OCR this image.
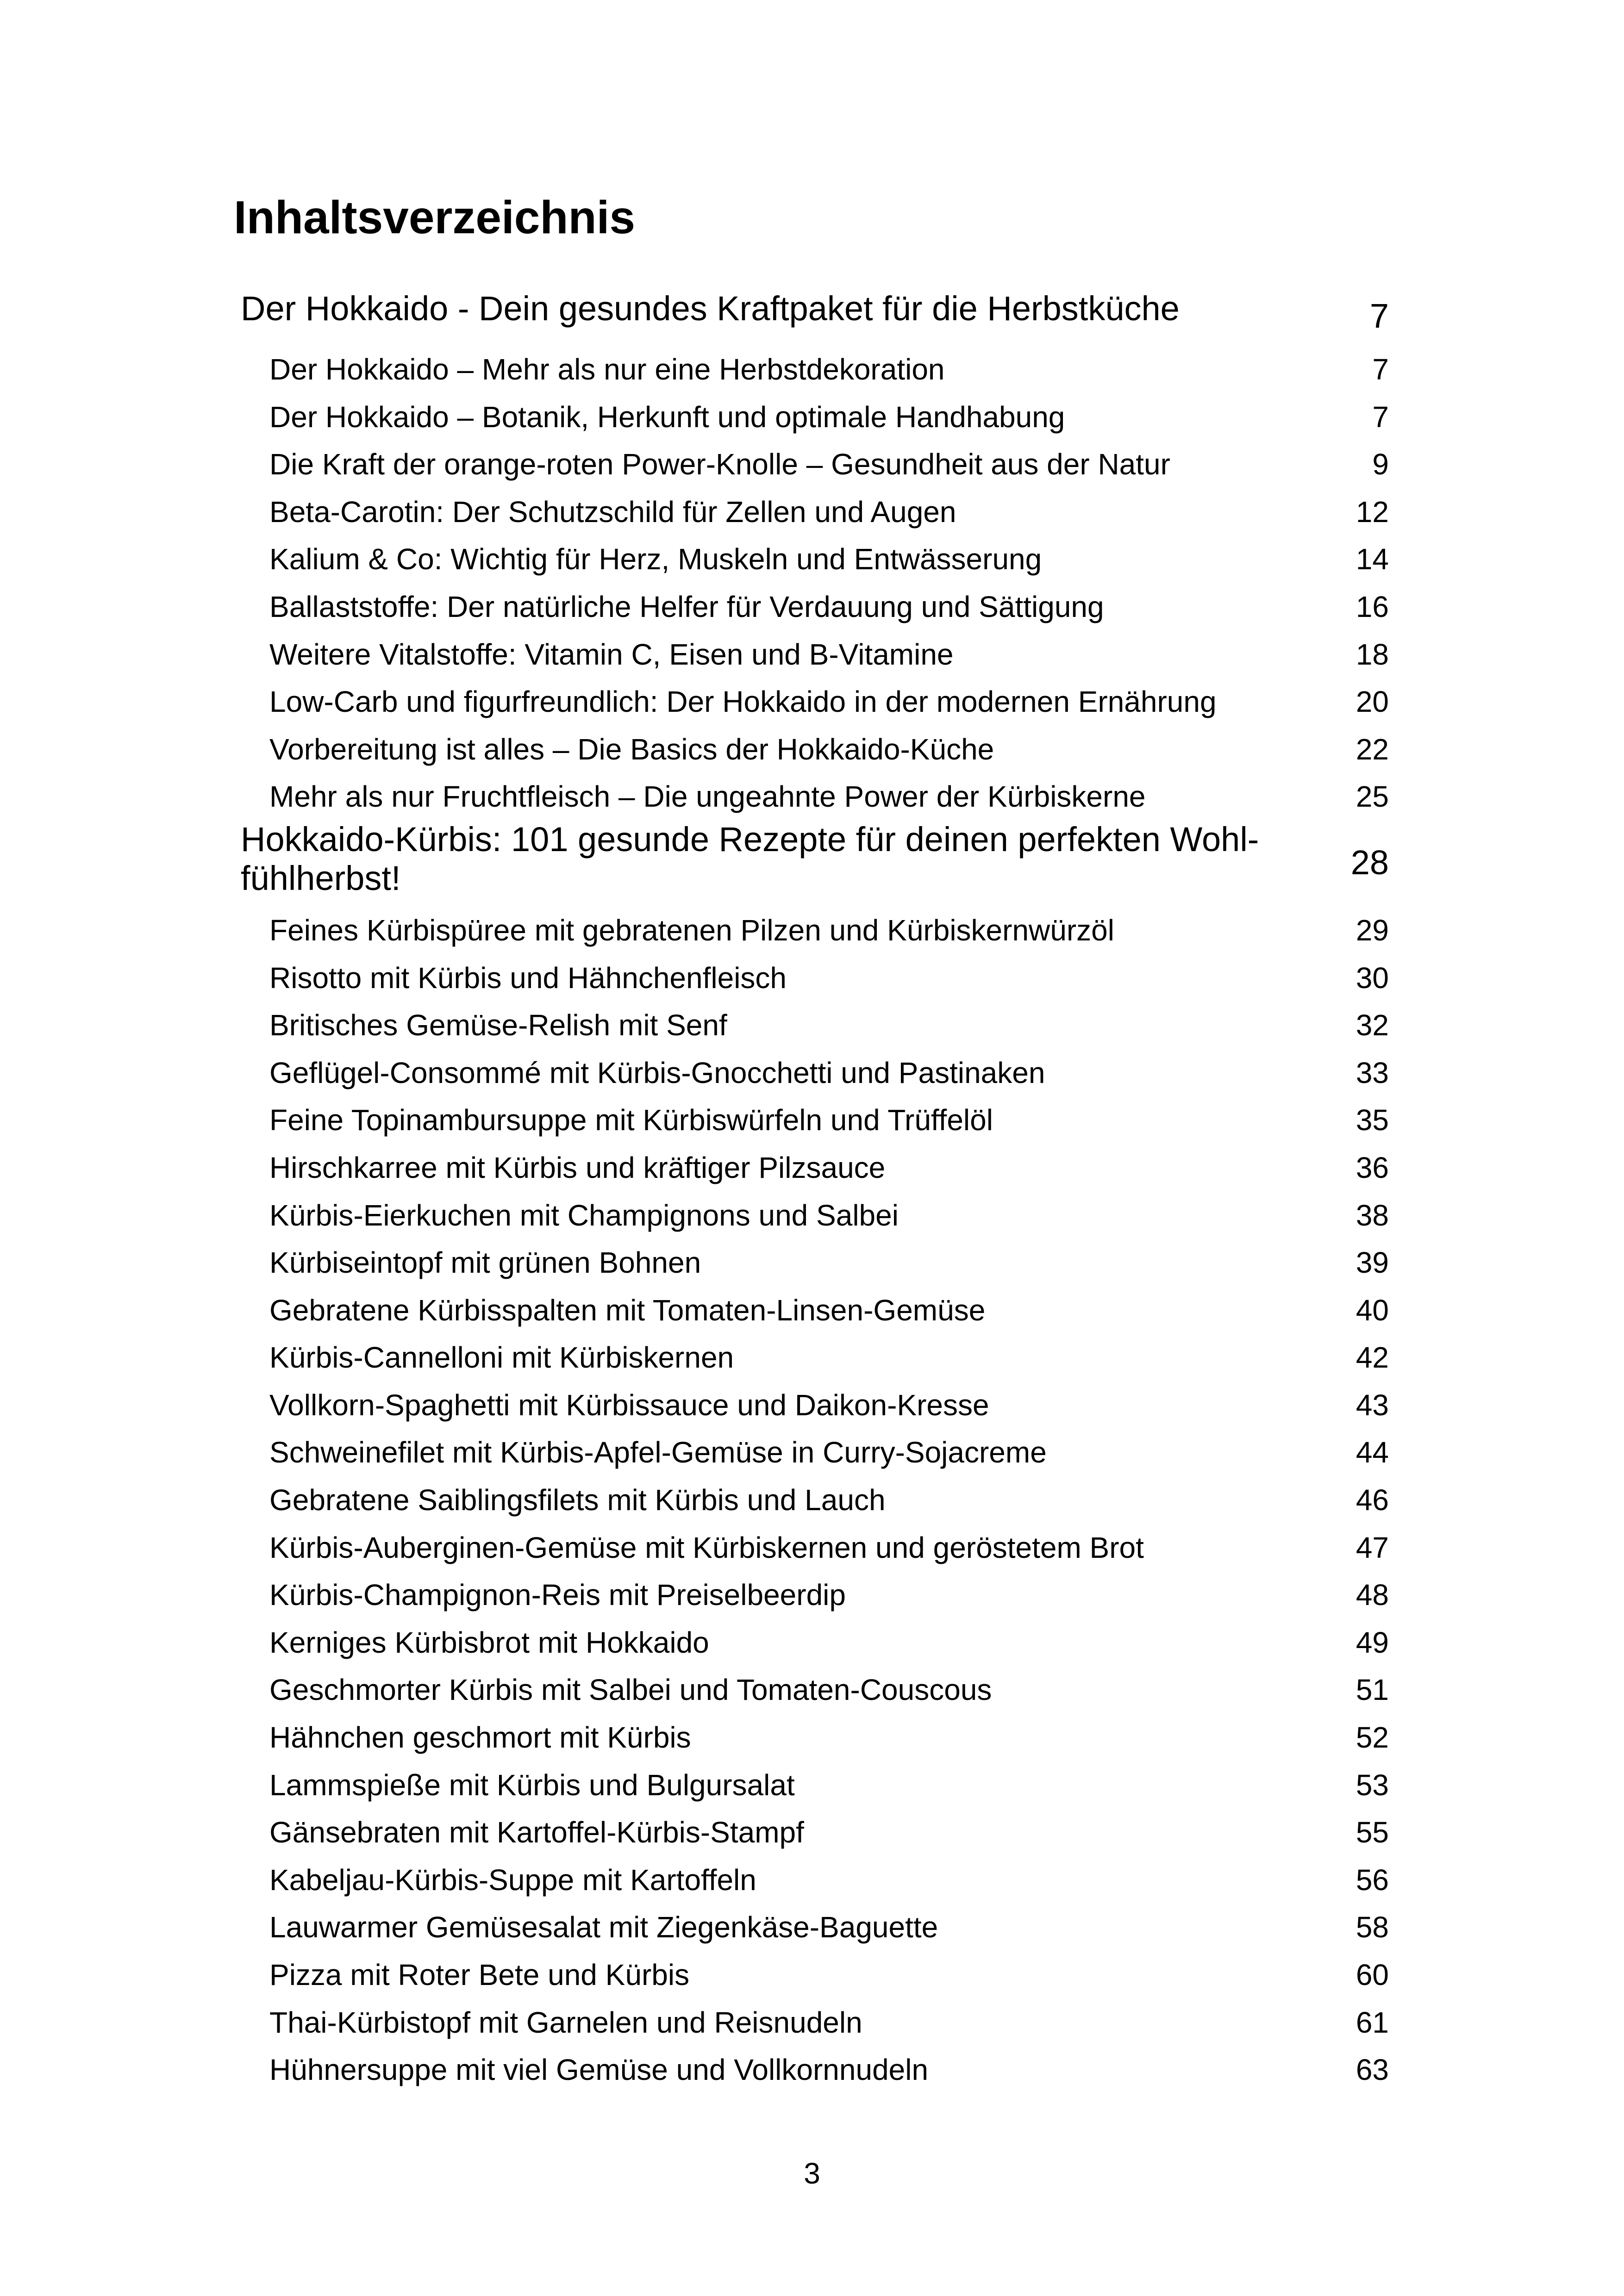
Inhaltsverzeichnis
Der Hokkaido - Dein gesundes Kraftpaket für die Herbstküche	7
Der Hokkaido – Mehr als nur eine Herbstdekoration	7
Der Hokkaido – Botanik, Herkunft und optimale Handhabung	7
Die Kraft der orange-roten Power-Knolle – Gesundheit aus der Natur	9
Beta-Carotin: Der Schutzschild für Zellen und Augen	12
Kalium & Co: Wichtig für Herz, Muskeln und Entwässerung	14
Ballaststoffe: Der natürliche Helfer für Verdauung und Sättigung	16
Weitere Vitalstoffe: Vitamin C, Eisen und B-Vitamine	18
Low-Carb und figurfreundlich: Der Hokkaido in der modernen Ernährung	20
Vorbereitung ist alles – Die Basics der Hokkaido-Küche	22
Mehr als nur Fruchtfleisch – Die ungeahnte Power der Kürbiskerne	25
Hokkaido-Kürbis: 101 gesunde Rezepte für deinen perfekten Wohl-fühlherbst!	28
Feines Kürbispüree mit gebratenen Pilzen und Kürbiskernwürzöl	29
Risotto mit Kürbis und Hähnchenfleisch	30
Britisches Gemüse-Relish mit Senf	32
Geflügel-Consommé mit Kürbis-Gnocchetti und Pastinaken	33
Feine Topinambursuppe mit Kürbiswürfeln und Trüffelöl	35
Hirschkarree mit Kürbis und kräftiger Pilzsauce	36
Kürbis-Eierkuchen mit Champignons und Salbei	38
Kürbiseintopf mit grünen Bohnen	39
Gebratene Kürbisspalten mit Tomaten-Linsen-Gemüse	40
Kürbis-Cannelloni mit Kürbiskernen	42
Vollkorn-Spaghetti mit Kürbissauce und Daikon-Kresse	43
Schweinefilet mit Kürbis-Apfel-Gemüse in Curry-Sojacreme	44
Gebratene Saiblingsfilets mit Kürbis und Lauch	46
Kürbis-Auberginen-Gemüse mit Kürbiskernen und geröstetem Brot	47
Kürbis-Champignon-Reis mit Preiselbeerdip	48
Kerniges Kürbisbrot mit Hokkaido	49
Geschmorter Kürbis mit Salbei und Tomaten-Couscous	51
Hähnchen geschmort mit Kürbis	52
Lammspieße mit Kürbis und Bulgursalat	53
Gänsebraten mit Kartoffel-Kürbis-Stampf	55
Kabeljau-Kürbis-Suppe mit Kartoffeln	56
Lauwarmer Gemüsesalat mit Ziegenkäse-Baguette	58
Pizza mit Roter Bete und Kürbis	60
Thai-Kürbistopf mit Garnelen und Reisnudeln	61
Hühnersuppe mit viel Gemüse und Vollkornnudeln	63
3
